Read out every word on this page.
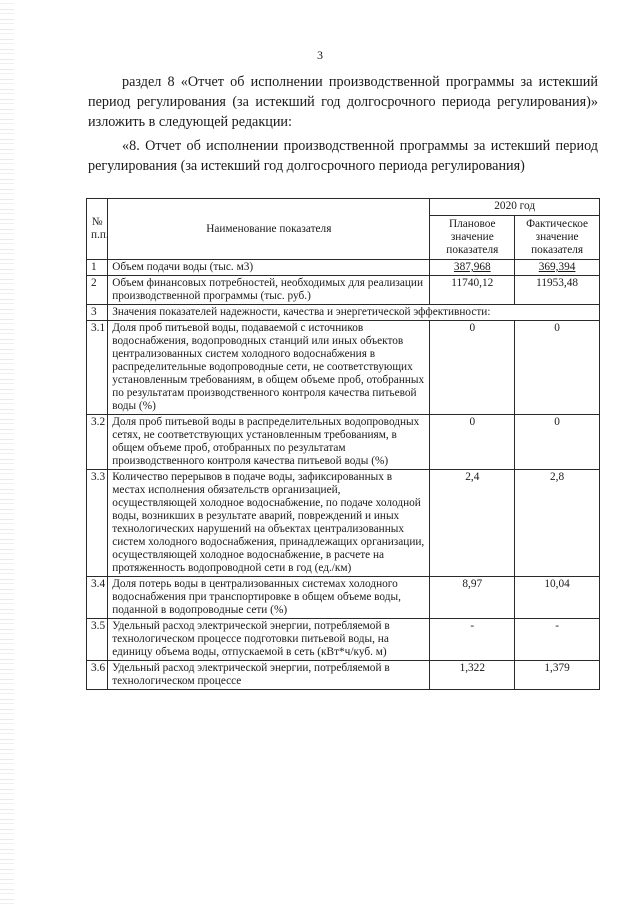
3

раздел 8 «Отчет об исполнении производственной программы за истекший период регулирования (за истекший год долгосрочного периода регулирования)» изложить в следующей редакции:

«8. Отчет об исполнении производственной программы за истекший период регулирования (за истекший год долгосрочного периода регулирования)

№ п.п.	Наименование показателя	2020 год	
		Плановое значение показателя	Фактическое значение показателя
1	Объем подачи воды (тыс. м3)	387,968	369,394
2	Объем финансовых потребностей, необходимых для реализации производственной программы (тыс. руб.)	11740,12	11953,48
3	Значения показателей надежности, качества и энергетической эффективности:		
3.1	Доля проб питьевой воды, подаваемой с источников водоснабжения, водопроводных станций или иных объектов централизованных систем холодного водоснабжения в распределительные водопроводные сети, не соответствующих установленным требованиям, в общем объеме проб, отобранных по результатам производственного контроля качества питьевой воды (%)	0	0
3.2	Доля проб питьевой воды в распределительных водопроводных сетях, не соответствующих установленным требованиям, в общем объеме проб, отобранных по результатам производственного контроля качества питьевой воды (%)	0	0
3.3	Количество перерывов в подаче воды, зафиксированных в местах исполнения обязательств организацией, осуществляющей холодное водоснабжение, по подаче холодной воды, возникших в результате аварий, повреждений и иных технологических нарушений на объектах централизованных систем холодного водоснабжения, принадлежащих организации, осуществляющей холодное водоснабжение, в расчете на протяженность водопроводной сети в год (ед./км)	2,4	2,8
3.4	Доля потерь воды в централизованных системах холодного водоснабжения при транспортировке в общем объеме воды, поданной в водопроводные сети (%)	8,97	10,04
3.5	Удельный расход электрической энергии, потребляемой в технологическом процессе подготовки питьевой воды, на единицу объема воды, отпускаемой в сеть (кВт*ч/куб. м)	-	-
3.6	Удельный расход электрической энергии, потребляемой в технологическом процессе	1,322	1,379
